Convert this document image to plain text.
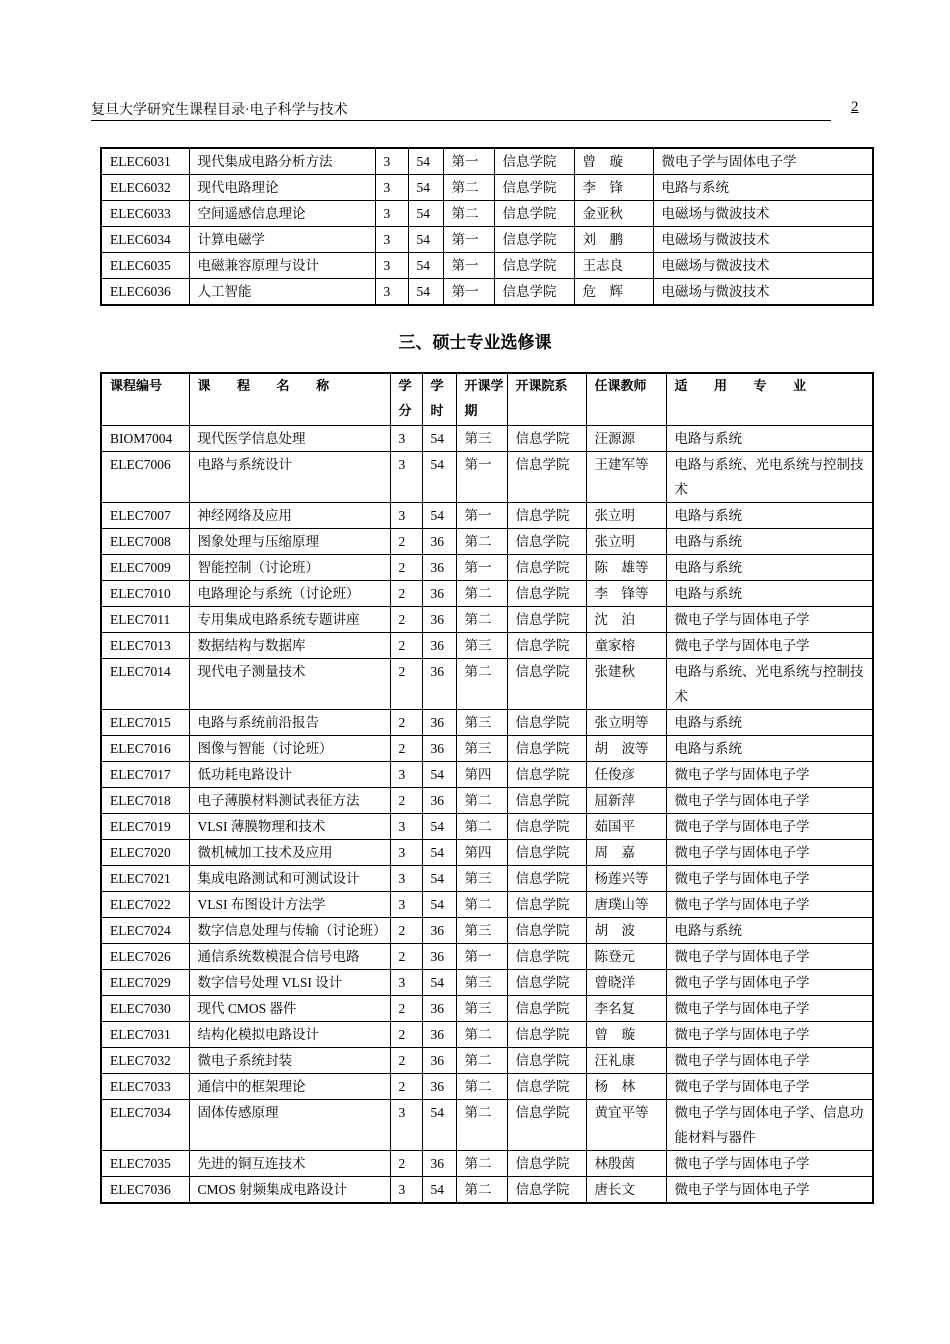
复旦大学研究生课程目录·电子科学与技术	2
ELEC6031	现代集成电路分析方法	3	54	第一	信息学院	曾　璇	微电子学与固体电子学
ELEC6032	现代电路理论	3	54	第二	信息学院	李　锋	电路与系统
ELEC6033	空间遥感信息理论	3	54	第二	信息学院	金亚秋	电磁场与微波技术
ELEC6034	计算电磁学	3	54	第一	信息学院	刘　鹏	电磁场与微波技术
ELEC6035	电磁兼容原理与设计	3	54	第一	信息学院	王志良	电磁场与微波技术
ELEC6036	人工智能	3	54	第一	信息学院	危　辉	电磁场与微波技术
三、硕士专业选修课
课程编号	课 程 名 称	学分	学时	开课学期	开课院系	任课教师	适 用 专 业
BIOM7004	现代医学信息处理	3	54	第三	信息学院	汪源源	电路与系统
ELEC7006	电路与系统设计	3	54	第一	信息学院	王建军等	电路与系统、光电系统与控制技术
ELEC7007	神经网络及应用	3	54	第一	信息学院	张立明	电路与系统
ELEC7008	图象处理与压缩原理	2	36	第二	信息学院	张立明	电路与系统
ELEC7009	智能控制（讨论班）	2	36	第一	信息学院	陈　雄等	电路与系统
ELEC7010	电路理论与系统（讨论班）	2	36	第二	信息学院	李　锋等	电路与系统
ELEC7011	专用集成电路系统专题讲座	2	36	第二	信息学院	沈　泊	微电子学与固体电子学
ELEC7013	数据结构与数据库	2	36	第三	信息学院	童家榕	微电子学与固体电子学
ELEC7014	现代电子测量技术	2	36	第二	信息学院	张建秋	电路与系统、光电系统与控制技术
ELEC7015	电路与系统前沿报告	2	36	第三	信息学院	张立明等	电路与系统
ELEC7016	图像与智能（讨论班）	2	36	第三	信息学院	胡　波等	电路与系统
ELEC7017	低功耗电路设计	3	54	第四	信息学院	任俊彦	微电子学与固体电子学
ELEC7018	电子薄膜材料测试表征方法	2	36	第二	信息学院	屈新萍	微电子学与固体电子学
ELEC7019	VLSI 薄膜物理和技术	3	54	第二	信息学院	茹国平	微电子学与固体电子学
ELEC7020	微机械加工技术及应用	3	54	第四	信息学院	周　嘉	微电子学与固体电子学
ELEC7021	集成电路测试和可测试设计	3	54	第三	信息学院	杨莲兴等	微电子学与固体电子学
ELEC7022	VLSI 布图设计方法学	3	54	第二	信息学院	唐璞山等	微电子学与固体电子学
ELEC7024	数字信息处理与传输（讨论班）	2	36	第三	信息学院	胡　波	电路与系统
ELEC7026	通信系统数模混合信号电路	2	36	第一	信息学院	陈登元	微电子学与固体电子学
ELEC7029	数字信号处理 VLSI 设计	3	54	第三	信息学院	曾晓洋	微电子学与固体电子学
ELEC7030	现代 CMOS 器件	2	36	第三	信息学院	李名复	微电子学与固体电子学
ELEC7031	结构化模拟电路设计	2	36	第二	信息学院	曾　璇	微电子学与固体电子学
ELEC7032	微电子系统封装	2	36	第二	信息学院	汪礼康	微电子学与固体电子学
ELEC7033	通信中的框架理论	2	36	第二	信息学院	杨　林	微电子学与固体电子学
ELEC7034	固体传感原理	3	54	第二	信息学院	黄宜平等	微电子学与固体电子学、信息功能材料与器件
ELEC7035	先进的铜互连技术	2	36	第二	信息学院	林殷茵	微电子学与固体电子学
ELEC7036	CMOS 射频集成电路设计	3	54	第二	信息学院	唐长文	微电子学与固体电子学
